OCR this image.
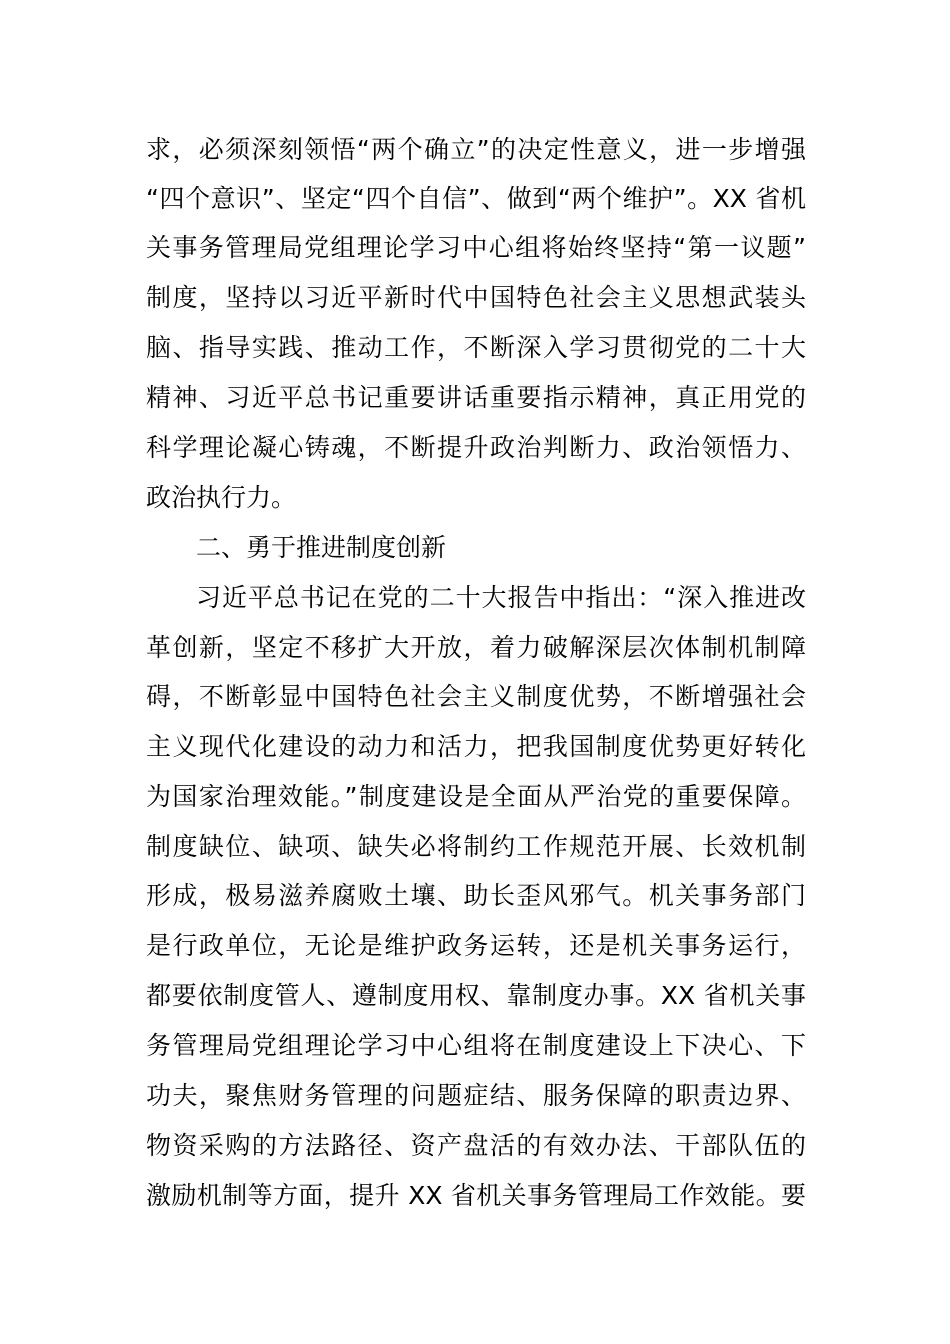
求，必须深刻领悟“两个确立”的决定性意义，进一步增强
“四个意识”、坚定“四个自信”、做到“两个维护”。XX 省机
关事务管理局党组理论学习中心组将始终坚持“第一议题”
制度，坚持以习近平新时代中国特色社会主义思想武装头
脑、指导实践、推动工作，不断深入学习贯彻党的二十大
精神、习近平总书记重要讲话重要指示精神，真正用党的
科学理论凝心铸魂，不断提升政治判断力、政治领悟力、
政治执行力。
二、勇于推进制度创新
习近平总书记在党的二十大报告中指出：“深入推进改
革创新，坚定不移扩大开放，着力破解深层次体制机制障
碍，不断彰显中国特色社会主义制度优势，不断增强社会
主义现代化建设的动力和活力，把我国制度优势更好转化
为国家治理效能。”制度建设是全面从严治党的重要保障。
制度缺位、缺项、缺失必将制约工作规范开展、长效机制
形成，极易滋养腐败土壤、助长歪风邪气。机关事务部门
是行政单位，无论是维护政务运转，还是机关事务运行，
都要依制度管人、遵制度用权、靠制度办事。XX 省机关事
务管理局党组理论学习中心组将在制度建设上下决心、下
功夫，聚焦财务管理的问题症结、服务保障的职责边界、
物资采购的方法路径、资产盘活的有效办法、干部队伍的
激励机制等方面，提升 XX 省机关事务管理局工作效能。要
